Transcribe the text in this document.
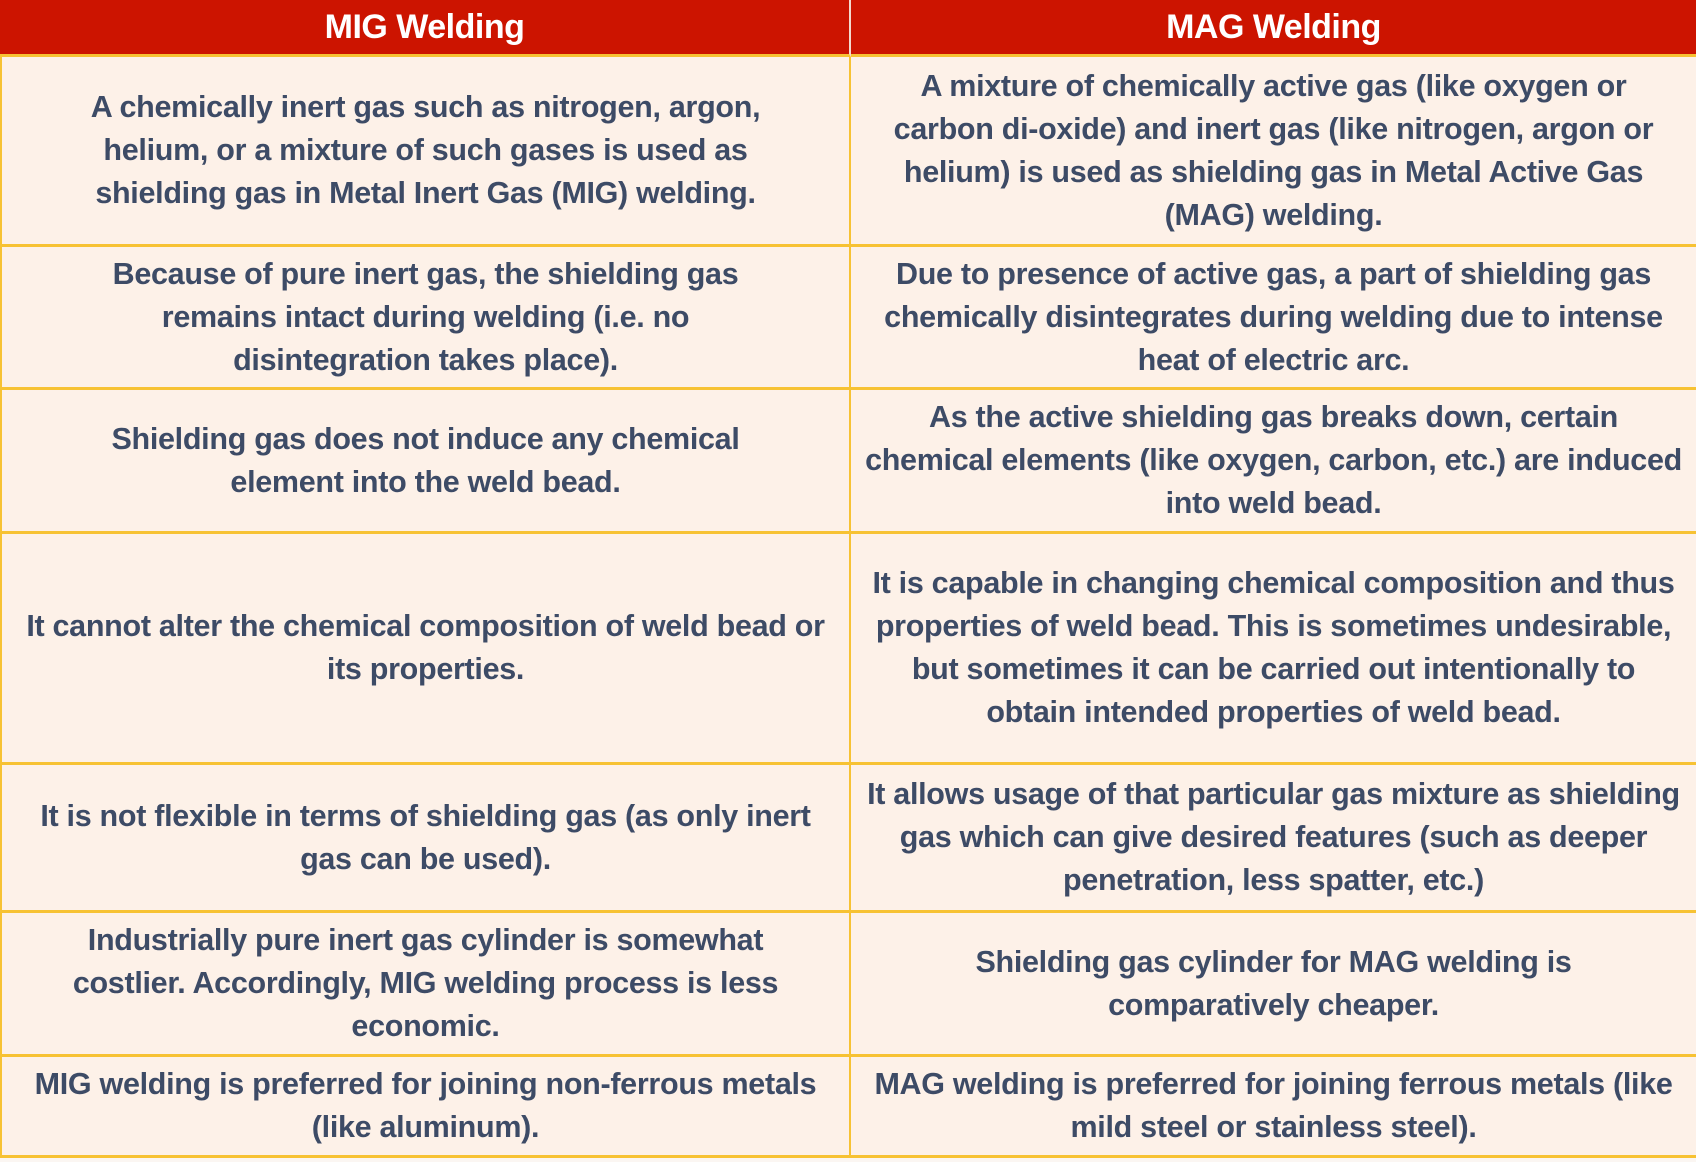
MIG Welding	MAG Welding
A chemically inert gas such as nitrogen, argon, helium, or a mixture of such gases is used as shielding gas in Metal Inert Gas (MIG) welding.
A mixture of chemically active gas (like oxygen or carbon di-oxide) and inert gas (like nitrogen, argon or helium) is used as shielding gas in Metal Active Gas (MAG) welding.
Because of pure inert gas, the shielding gas remains intact during welding (i.e. no disintegration takes place).
Due to presence of active gas, a part of shielding gas chemically disintegrates during welding due to intense heat of electric arc.
Shielding gas does not induce any chemical element into the weld bead.
As the active shielding gas breaks down, certain chemical elements (like oxygen, carbon, etc.) are induced into weld bead.
It cannot alter the chemical composition of weld bead or its properties.
It is capable in changing chemical composition and thus properties of weld bead. This is sometimes undesirable, but sometimes it can be carried out intentionally to obtain intended properties of weld bead.
It is not flexible in terms of shielding gas (as only inert gas can be used).
It allows usage of that particular gas mixture as shielding gas which can give desired features (such as deeper penetration, less spatter, etc.)
Industrially pure inert gas cylinder is somewhat costlier. Accordingly, MIG welding process is less economic.
Shielding gas cylinder for MAG welding is comparatively cheaper.
MIG welding is preferred for joining non-ferrous metals (like aluminum).
MAG welding is preferred for joining ferrous metals (like mild steel or stainless steel).
